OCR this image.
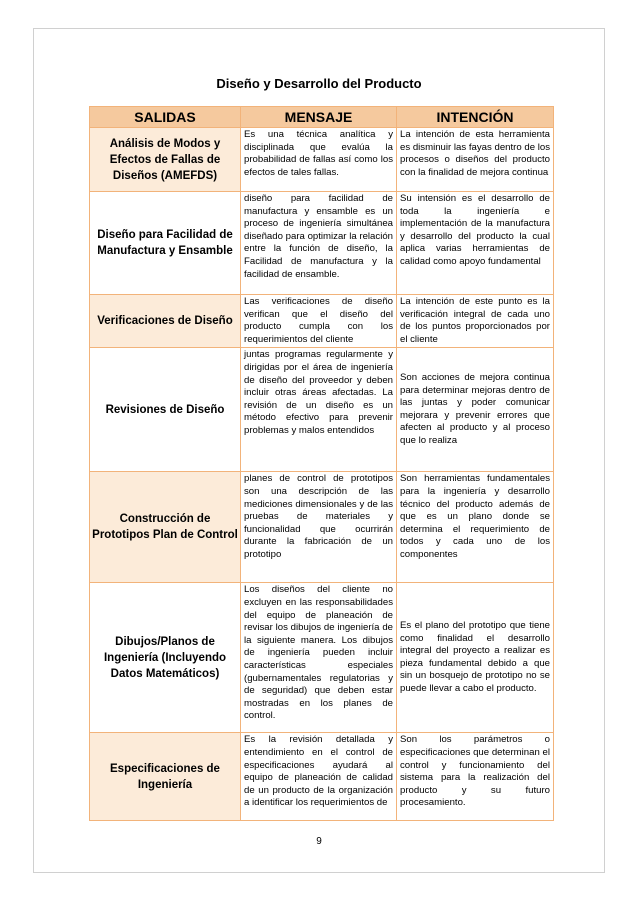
Diseño y Desarrollo del Producto
SALIDAS	MENSAJE	INTENCIÓN
Análisis de Modos y Efectos de Fallas de Diseños (AMEFDS)	Es una técnica analítica y disciplinada que evalúa la probabilidad de fallas así como los efectos de tales fallas.	La intención de esta herramienta es disminuir las fayas dentro de los procesos o diseños del producto con la finalidad de mejora continua
Diseño para Facilidad de Manufactura y Ensamble	diseño para facilidad de manufactura y ensamble es un proceso de ingeniería simultánea diseñado para optimizar la relación entre la función de diseño, la Facilidad de manufactura y la facilidad de ensamble.	Su intensión es el desarrollo de toda la ingeniería e implementación de la manufactura y desarrollo del producto la cual aplica varias herramientas de calidad como apoyo fundamental
Verificaciones de Diseño	Las verificaciones de diseño verifican que el diseño del producto cumpla con los requerimientos del cliente	La intención de este punto es la verificación integral de cada uno de los puntos proporcionados por el cliente
Revisiones de Diseño	juntas programas regularmente y dirigidas por el área de ingeniería de diseño del proveedor y deben incluir otras áreas afectadas. La revisión de un diseño es un método efectivo para prevenir problemas y malos entendidos	Son acciones de mejora continua para determinar mejoras dentro de las juntas y poder comunicar mejorara y prevenir errores que afecten al producto y al proceso que lo realiza
Construcción de Prototipos Plan de Control	planes de control de prototipos son una descripción de las mediciones dimensionales y de las pruebas de materiales y funcionalidad que ocurrirán durante la fabricación de un prototipo	Son herramientas fundamentales para la ingeniería y desarrollo técnico del producto además de que es un plano donde se determina el requerimiento de todos y cada uno de los componentes
Dibujos/Planos de Ingeniería (Incluyendo Datos Matemáticos)	Los diseños del cliente no excluyen en las responsabilidades del equipo de planeación de revisar los dibujos de ingeniería de la siguiente manera. Los dibujos de ingeniería pueden incluir características especiales (gubernamentales regulatorias y de seguridad) que deben estar mostradas en los planes de control.	Es el plano del prototipo que tiene como finalidad el desarrollo integral del proyecto a realizar es pieza fundamental debido a que sin un bosquejo de prototipo no se puede llevar a cabo el producto.
Especificaciones de Ingeniería	Es la revisión detallada y entendimiento en el control de especificaciones ayudará al equipo de planeación de calidad de un producto de la organización a identificar los requerimientos de	Son los parámetros o especificaciones que determinan el control y funcionamiento del sistema para la realización del producto y su futuro procesamiento.
9
